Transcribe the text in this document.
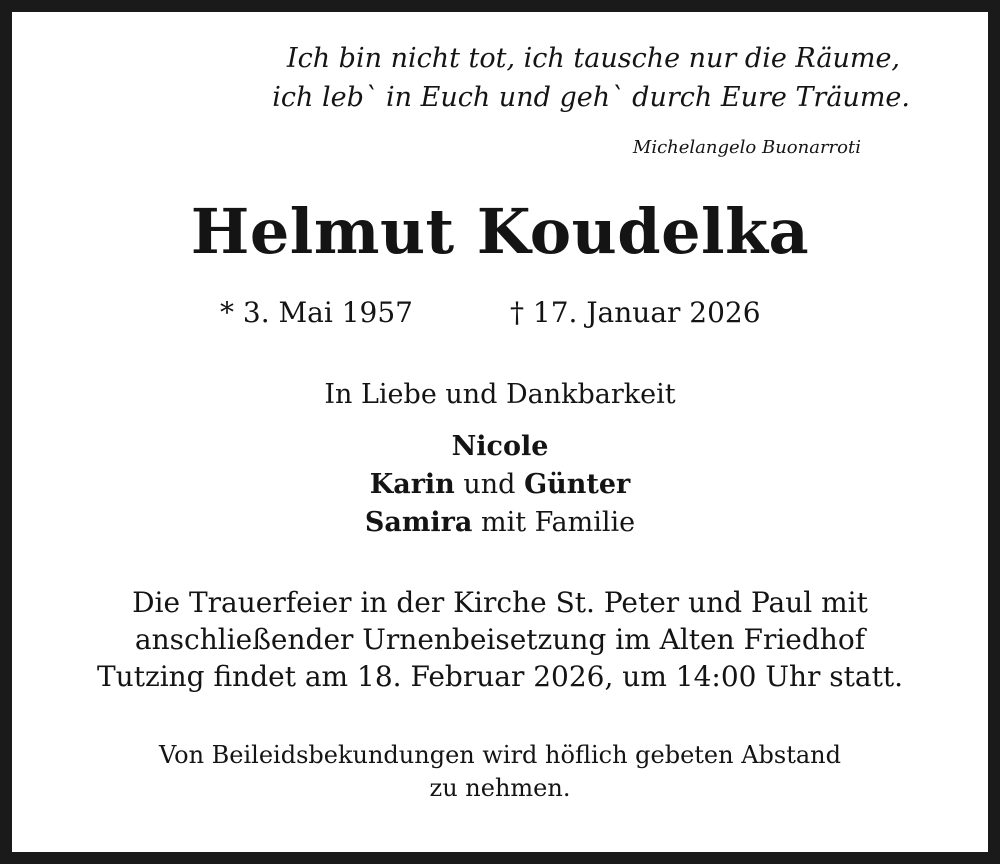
Ich bin nicht tot, ich tausche nur die Räume,
ich leb` in Euch und geh` durch Eure Träume.
Michelangelo Buonarroti
Helmut Koudelka
* 3. Mai 1957	† 17. Januar 2026
In Liebe und Dankbarkeit
Nicole
Karin und Günter
Samira mit Familie
Die Trauerfeier in der Kirche St. Peter und Paul mit
anschließender Urnenbeisetzung im Alten Friedhof
Tutzing findet am 18. Februar 2026, um 14:00 Uhr statt.
Von Beileidsbekundungen wird höflich gebeten Abstand
zu nehmen.
